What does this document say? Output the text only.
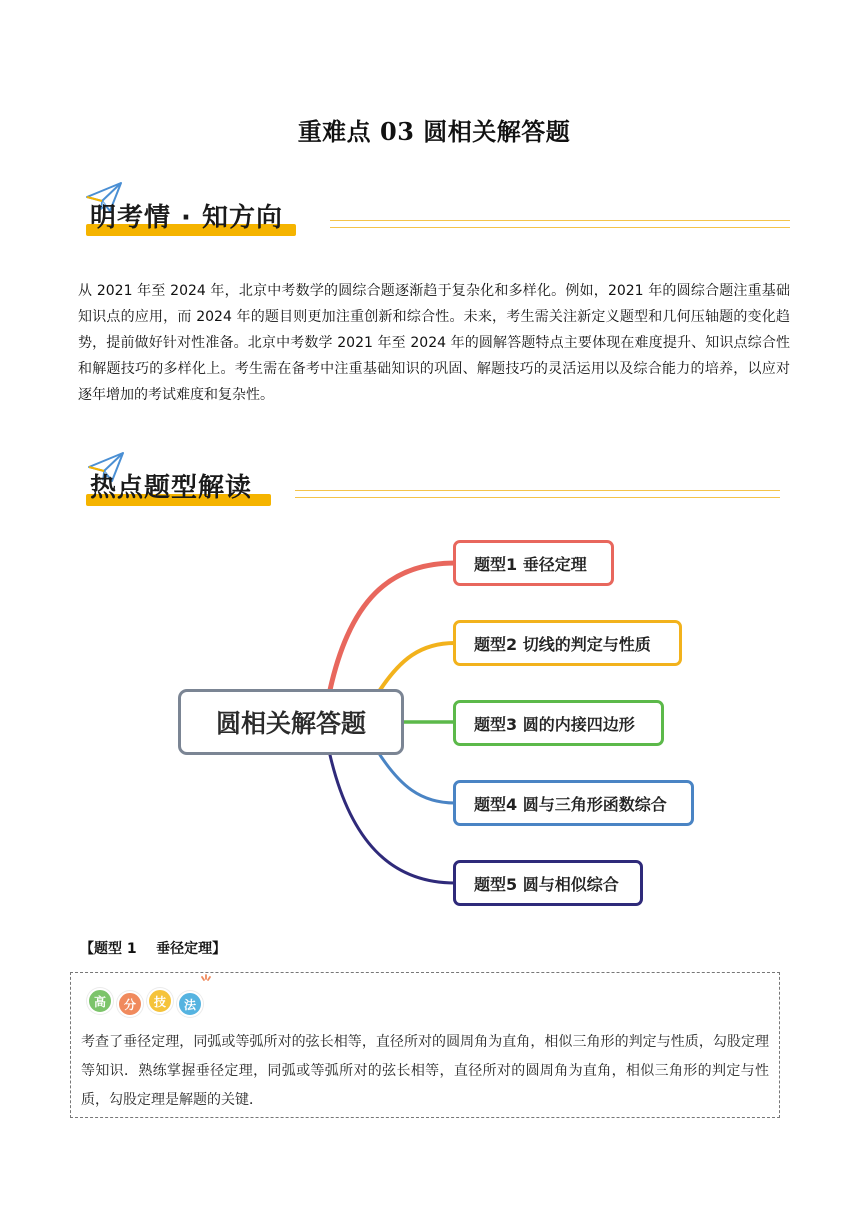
重难点 03 圆相关解答题
明考情 · 知方向
从 2021 年至 2024 年，北京中考数学的圆综合题逐渐趋于复杂化和多样化。例如，2021 年的圆综合题注重基础知识点的应用，而 2024 年的题目则更加注重创新和综合性。未来，考生需关注新定义题型和几何压轴题的变化趋势，提前做好针对性准备。北京中考数学 2021 年至 2024 年的圆解答题特点主要体现在难度提升、知识点综合性和解题技巧的多样化上。考生需在备考中注重基础知识的巩固、解题技巧的灵活运用以及综合能力的培养，以应对逐年增加的考试难度和复杂性。
热点题型解读
圆相关解答题
题型1 垂径定理
题型2 切线的判定与性质
题型3 圆的内接四边形
题型4 圆与三角形函数综合
题型5 圆与相似综合
【题型 1    垂径定理】
高	分	技	法
考查了垂径定理，同弧或等弧所对的弦长相等，直径所对的圆周角为直角，相似三角形的判定与性质，勾股定理等知识．熟练掌握垂径定理，同弧或等弧所对的弦长相等，直径所对的圆周角为直角，相似三角形的判定与性质，勾股定理是解题的关键．
